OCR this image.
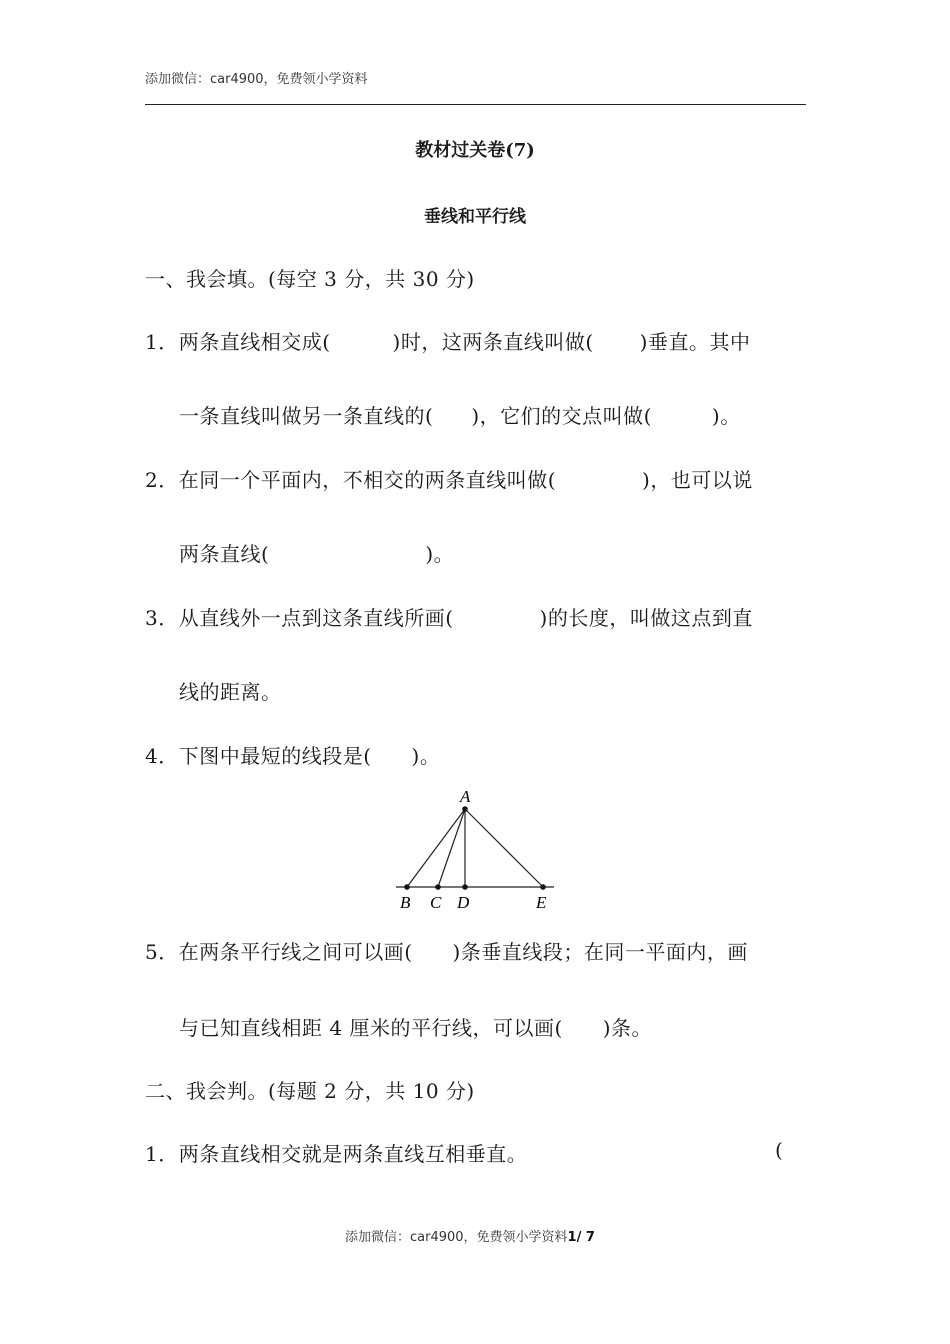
添加微信：car4900，免费领小学资料
教材过关卷(7)
垂线和平行线
一、我会填。(每空 3 分，共 30 分)
1．两条直线相交成(	)时，这两条直线叫做( )垂直。其中
一条直线叫做另一条直线的( )，它们的交点叫做(	)。
2．在同一个平面内，不相交的两条直线叫做(	)，也可以说
两条直线(	)。
3．从直线外一点到这条直线所画(	)的长度，叫做这点到直
线的距离。
4．下图中最短的线段是( )。
A
B C D	E
5．在两条平行线之间可以画( )条垂直线段；在同一平面内，画
与已知直线相距 4 厘米的平行线，可以画( )条。
二、我会判。(每题 2 分，共 10 分)
1．两条直线相交就是两条直线互相垂直。	(
添加微信：car4900，免费领小学资料1/ 7
